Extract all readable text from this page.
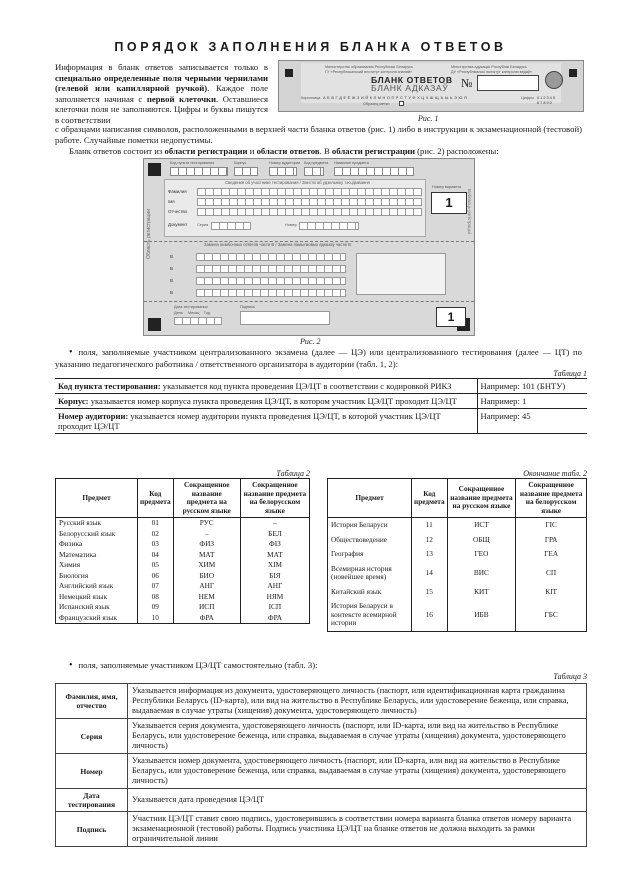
ПОРЯДОК ЗАПОЛНЕНИЯ БЛАНКА ОТВЕТОВ
Информация в бланк ответов записывается только в специально определенные поля черными чернилами (гелевой или капиллярной ручкой). Каждое поле заполняется начиная с первой клеточки. Оставшиеся клеточки поля не заполняются. Цифры и буквы пишутся в соответствии
Министерство образования Республики Беларусь
ГУ «Республиканский институт контроля знаний»
Міністэрства адукацыі Рэспублікі Беларусь
ДУ «Рэспубліканскі інстытут кантролю ведаў»
БЛАНК ОТВЕТОВ
БЛАНК АДКАЗАЎ №
Кириллица А Б В Г Д Е Ё Ж З И Й К Л М Н О П Р С Т У Ф Х Ц Ч Ш Щ Ъ Ы Ь Э Ю Я
Образец метки
Цифры 0 1 2 3 4 5
6 7 8 9 0
Рис. 1
с образцами написания символов, расположенными в верхней части бланка ответов (рис. 1) либо в инструкции к экзаменационной (тестовой) работе. Случайные пометки недопустимы.
Бланк ответов состоит из области регистрации и области ответов. В области регистрации (рис. 2) расположены:
Область регистрации	Вобласць рэгістрацыі
Код пункта тестирования	Корпус	Номер аудитории Код предмета Название предмета
Сведения об участнике тестирования / Звесткі аб удзельніку тэсціравання
Фамилия
Імя
Отчество
Документ	Серия	Номер
Номер варианта
1
Замена ошибочных ответов части В / Замена памылковых адказаў часткі В
В
В
В
В
Дата тестирования
День Месяц Год
Подпись
1
Рис. 2
• поля, заполняемые участником централизованного экзамена (далее — ЦЭ) или централизованного тестирования (далее — ЦТ) по указанию педагогического работника / ответственного организатора в аудитории (табл. 1, 2):
Таблица 1
Код пункта тестирования: указывается код пункта проведения ЦЭ/ЦТ в соответствии с кодировкой РИКЗ	Например: 101 (БНТУ)
Корпус: указывается номер корпуса пункта проведения ЦЭ/ЦТ, в котором участник ЦЭ/ЦТ проходит ЦЭ/ЦТ	Например: 1
Номер аудитории: указывается номер аудитории пункта проведения ЦЭ/ЦТ, в которой участник ЦЭ/ЦТ проходит ЦЭ/ЦТ	Например: 45
Таблица 2
Предмет	Код предмета	Сокращенное название предмета на русском языке	Сокращенное название предмета на белорусском языке
Русский язык	01	РУС	–
Белорусский язык	02	–	БЕЛ
Физика	03	ФИЗ	ФІЗ
Математика	04	МАТ	МАТ
Химия	05	ХИМ	ХІМ
Биология	06	БИО	БІЯ
Английский язык	07	АНГ	АНГ
Немецкий язык	08	НЕМ	НЯМ
Испанский язык	09	ИСП	ІСП
Французский язык	10	ФРА	ФРА
Окончание табл. 2
Предмет	Код предмета	Сокращенное название предмета на русском языке	Сокращенное название предмета на белорусском языке
История Беларуси	11	ИСТ	ГІС
Обществоведение	12	ОБЩ	ГРА
География	13	ГЕО	ГЕА
Всемирная история (новейшее время)	14	ВИС	СП
Китайский язык	15	КИТ	КІТ
История Беларуси в контексте всемирной истории	16	ИБВ	ГБС
• поля, заполняемые участником ЦЭ/ЦТ самостоятельно (табл. 3):
Таблица 3
Фамилия, имя, отчество	Указывается информация из документа, удостоверяющего личность (паспорт, или идентификационная карта гражданина Республики Беларусь (ID-карта), или вид на жительство в Республике Беларусь, или удостоверение беженца, или справка, выдаваемая в случае утраты (хищения) документа, удостоверяющего личность)
Серия	Указывается серия документа, удостоверяющего личность (паспорт, или ID-карта, или вид на жительство в Республике Беларусь, или удостоверение беженца, или справка, выдаваемая в случае утраты (хищения) документа, удостоверяющего личность)
Номер	Указывается номер документа, удостоверяющего личность (паспорт, или ID-карта, или вид на жительство в Республике Беларусь, или удостоверение беженца, или справка, выдаваемая в случае утраты (хищения) документа, удостоверяющего личность)
Дата тестирования	Указывается дата проведения ЦЭ/ЦТ
Подпись	Участник ЦЭ/ЦТ ставит свою подпись, удостоверившись в соответствии номера варианта бланка ответов номеру варианта экзаменационной (тестовой) работы. Подпись участника ЦЭ/ЦТ на бланке ответов не должна выходить за рамки ограничительной линии
